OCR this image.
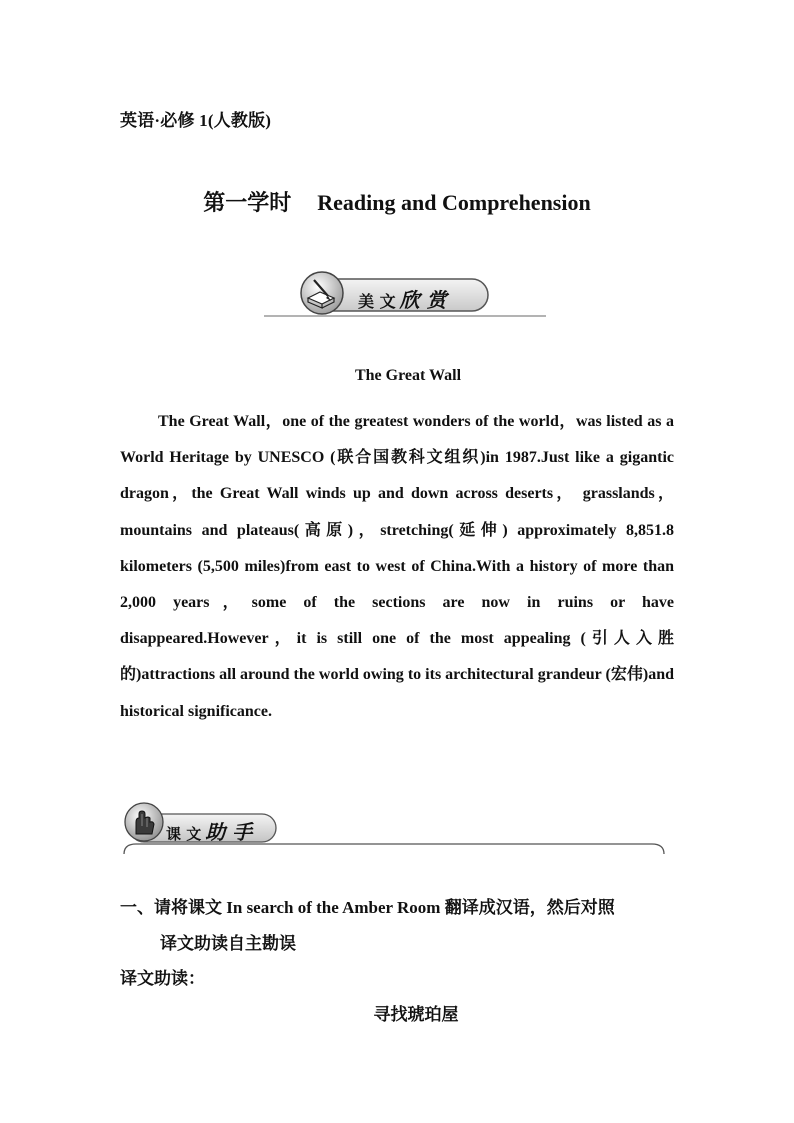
英语·必修 1(人教版)
第一学时 Reading and Comprehension
美 文 欣 赏
The Great Wall

The Great Wall，one of the greatest wonders of the world，was listed as a World Heritage by UNESCO (联合国教科文组织)in 1987.Just like a gigantic dragon，the Great Wall winds up and down across deserts， grasslands， mountains and plateaus(高原)，stretching(延伸) approximately 8,851.8 kilometers (5,500 miles)from east to west of China.With a history of more than 2,000 years，some of the sections are now in ruins or have disappeared.However，it is still one of the most appealing (引人入胜的)attractions all around the world owing to its architectural grandeur (宏伟)and historical significance.

课 文 助 手
一、请将课文 In search of the Amber Room 翻译成汉语，然后对照
译文助读自主勘误
译文助读：
寻找琥珀屋
